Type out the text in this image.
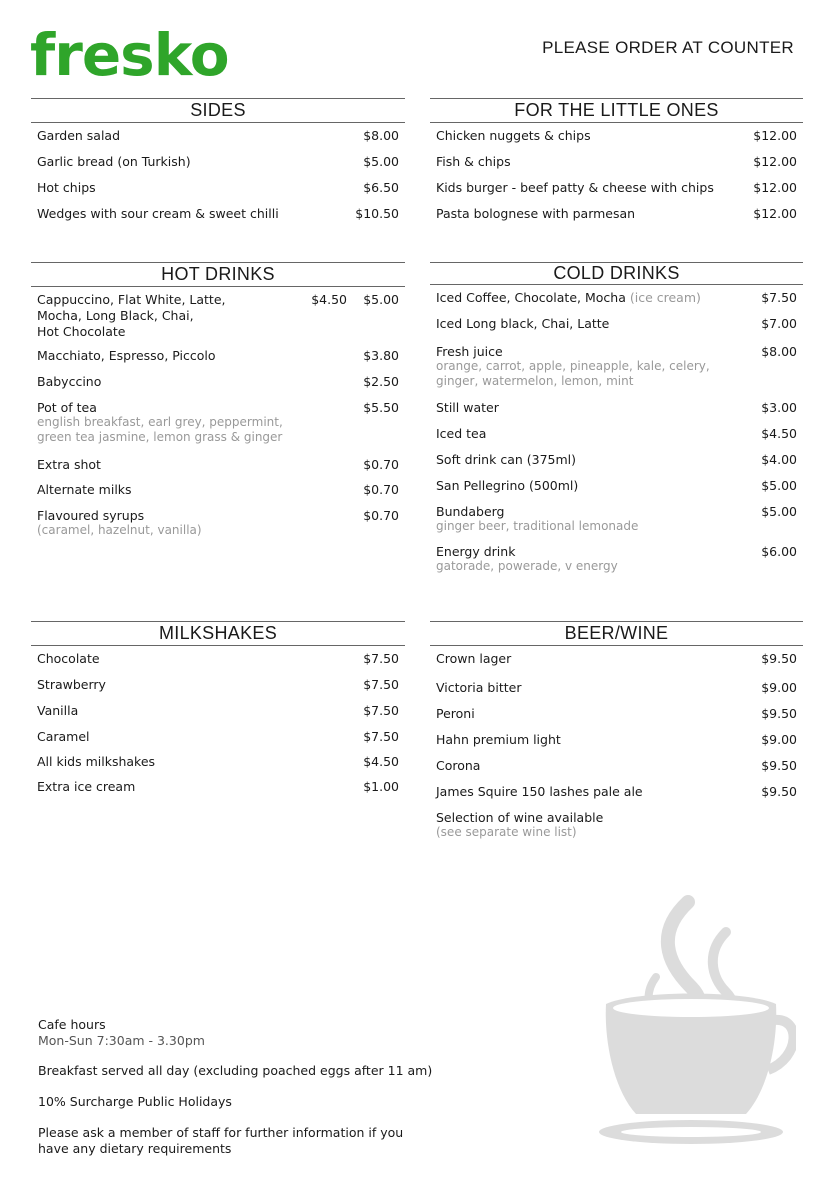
fresko	PLEASE ORDER AT COUNTER
SIDES
Garden salad	$8.00
Garlic bread (on Turkish)	$5.00
Hot chips	$6.50
Wedges with sour cream & sweet chilli	$10.50
FOR THE LITTLE ONES
Chicken nuggets & chips	$12.00
Fish & chips	$12.00
Kids burger - beef patty & cheese with chips	$12.00
Pasta bolognese with parmesan	$12.00
HOT DRINKS
Cappuccino, Flat White, Latte,
Mocha, Long Black, Chai,
Hot Chocolate
$4.50 $5.00
Macchiato, Espresso, Piccolo	$3.80
Babyccino	$2.50
Pot of tea
english breakfast, earl grey, peppermint,
green tea jasmine, lemon grass & ginger
$5.50
Extra shot	$0.70
Alternate milks	$0.70
Flavoured syrups
(caramel, hazelnut, vanilla)
$0.70
COLD DRINKS
Iced Coffee, Chocolate, Mocha (ice cream)	$7.50
Iced Long black, Chai, Latte	$7.00
Fresh juice
orange, carrot, apple, pineapple, kale, celery,
ginger, watermelon, lemon, mint
$8.00
Still water	$3.00
Iced tea	$4.50
Soft drink can (375ml)	$4.00
San Pellegrino (500ml)	$5.00
Bundaberg
ginger beer, traditional lemonade
$5.00
Energy drink
gatorade, powerade, v energy
$6.00
MILKSHAKES
Chocolate	$7.50
Strawberry	$7.50
Vanilla	$7.50
Caramel	$7.50
All kids milkshakes	$4.50
Extra ice cream	$1.00
BEER/WINE
Crown lager	$9.50
Victoria bitter	$9.00
Peroni	$9.50
Hahn premium light	$9.00
Corona	$9.50
James Squire 150 lashes pale ale	$9.50
Selection of wine available
(see separate wine list)
Cafe hours
Mon-Sun 7:30am - 3.30pm
Breakfast served all day (excluding poached eggs after 11 am)
10% Surcharge Public Holidays
Please ask a member of staff for further information if you
have any dietary requirements
